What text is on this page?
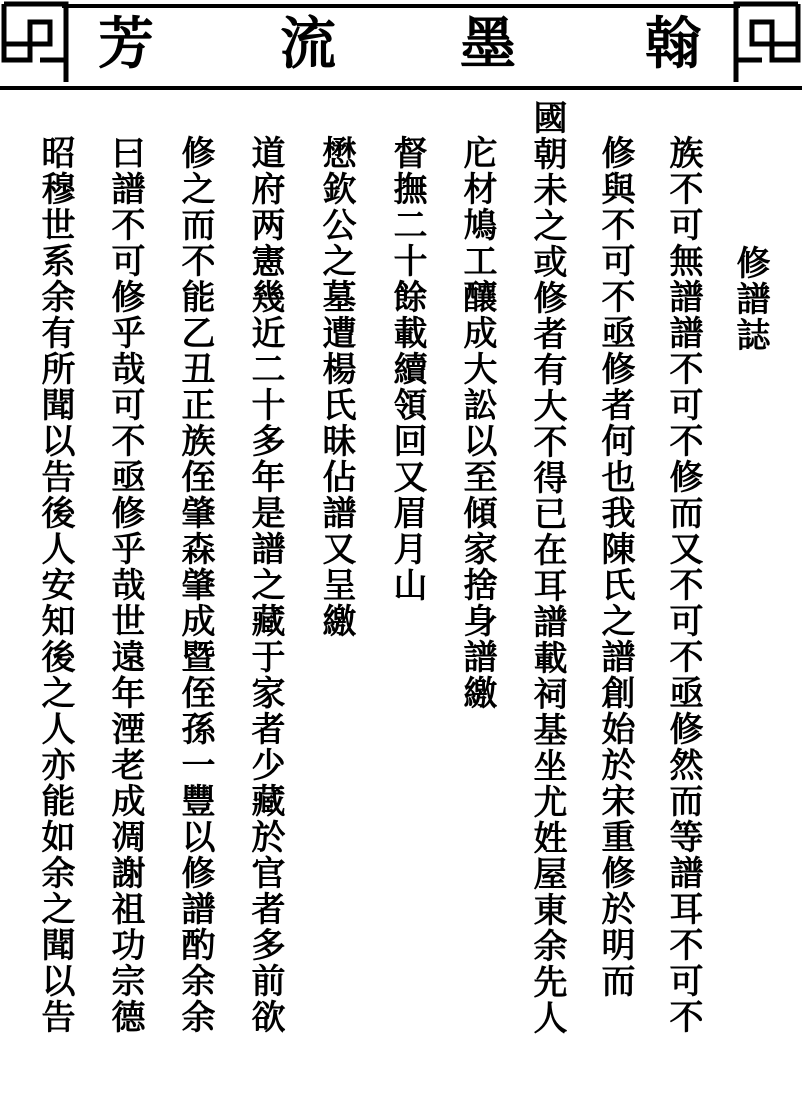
芳 流 墨 翰
修譜誌
族不可無譜譜不可不修而又不可不亟修然而等譜耳不可不
修與不可不亟修者何也我陳氏之譜創始於宋重修於明而
國朝未之或修者有大不得已在耳譜載祠基坐尤姓屋東余先人
庀材鳩工釀成大訟以至傾家捨身譜繳
督撫二十餘載續領回又眉月山
懋欽公之墓遭楊氏昧佔譜又呈繳
道府两憲幾近二十多年是譜之藏于家者少藏於官者多前欲
修之而不能乙丑正族侄肇森肇成暨侄孫一豐以修譜酌余余
曰譜不可修乎哉可不亟修乎哉世遠年湮老成凋謝祖功宗德
昭穆世系余有所聞以告後人安知後之人亦能如余之聞以告
